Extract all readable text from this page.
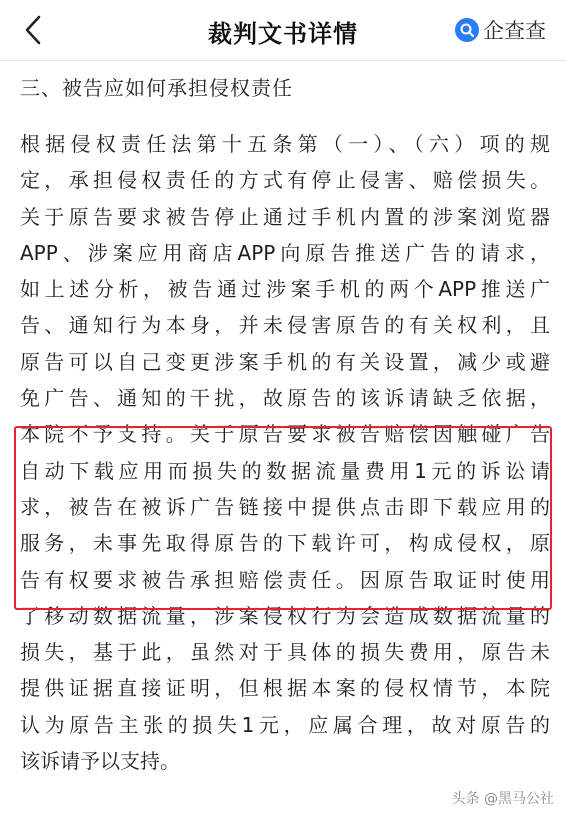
裁判文书详情	企查查
三、被告应如何承担侵权责任
根据侵权责任法第十五条第（一）、（六）项的规
定，承担侵权责任的方式有停止侵害、赔偿损失。
关于原告要求被告停止通过手机内置的涉案浏览器
APP、涉案应用商店APP向原告推送广告的请求，
如上述分析，被告通过涉案手机的两个APP推送广
告、通知行为本身，并未侵害原告的有关权利，且
原告可以自己变更涉案手机的有关设置，减少或避
免广告、通知的干扰，故原告的该诉请缺乏依据，
本院不予支持。关于原告要求被告赔偿因触碰广告
自动下载应用而损失的数据流量费用1元的诉讼请
求，被告在被诉广告链接中提供点击即下载应用的
服务，未事先取得原告的下载许可，构成侵权，原
告有权要求被告承担赔偿责任。因原告取证时使用
了移动数据流量，涉案侵权行为会造成数据流量的
损失，基于此，虽然对于具体的损失费用，原告未
提供证据直接证明，但根据本案的侵权情节，本院
认为原告主张的损失1元，应属合理，故对原告的
该诉请予以支持。
头条 @黑马公社
